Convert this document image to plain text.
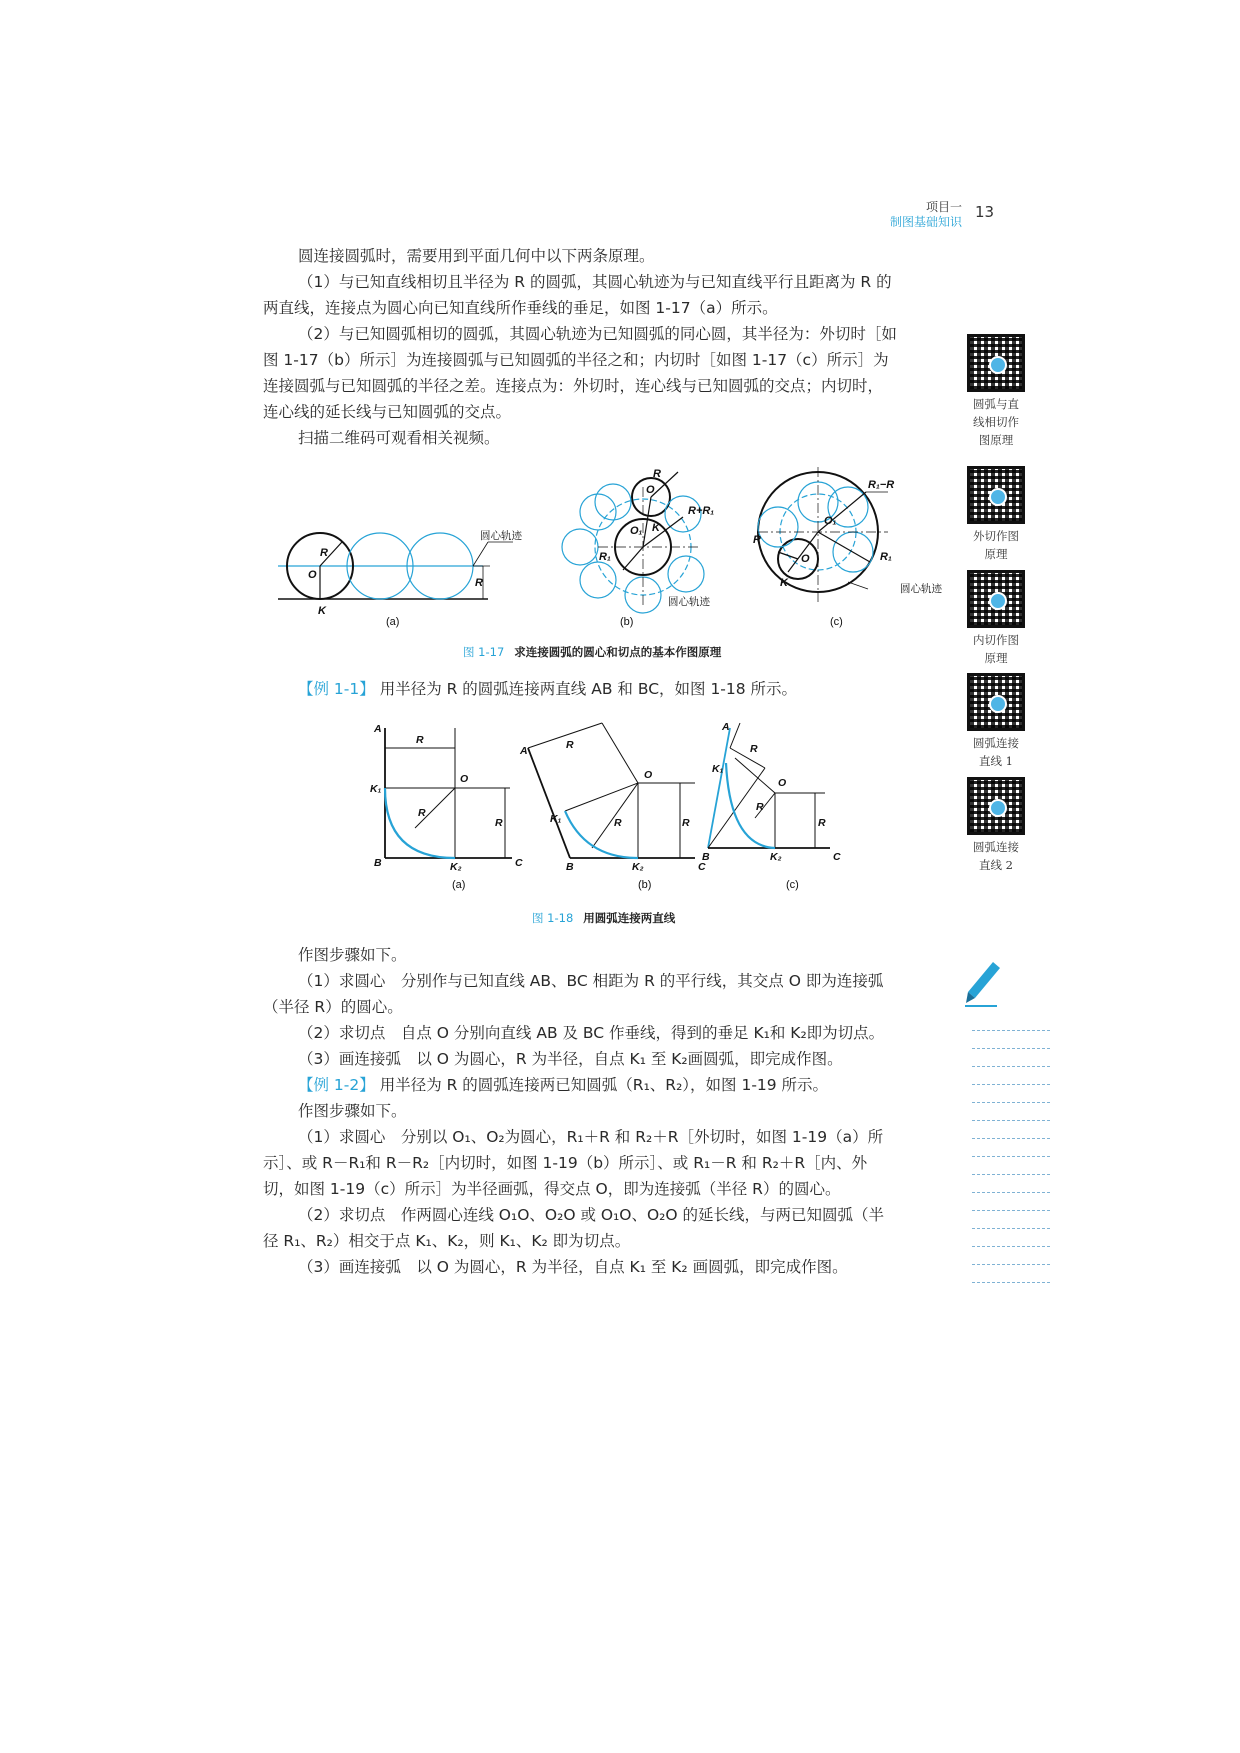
项目一
制图基础知识
13
圆连接圆弧时，需要用到平面几何中以下两条原理。
（1）与已知直线相切且半径为 R 的圆弧，其圆心轨迹为与已知直线平行且距离为 R 的
两直线，连接点为圆心向已知直线所作垂线的垂足，如图 1-17（a）所示。
（2）与已知圆弧相切的圆弧，其圆心轨迹为已知圆弧的同心圆，其半径为：外切时［如
图 1-17（b）所示］为连接圆弧与已知圆弧的半径之和；内切时［如图 1-17（c）所示］为
连接圆弧与已知圆弧的半径之差。连接点为：外切时，连心线与已知圆弧的交点；内切时，
连心线的延长线与已知圆弧的交点。
扫描二维码可观看相关视频。
R
O
K
R
R
O
O₁ K
R₁
R+R₁
O₁
R₁−R
R₁
R
O
K
圆心轨迹
圆心轨迹
圆心轨迹
(a)	(b)	(c)
图 1-17 求连接圆弧的圆心和切点的基本作图原理
【例 1-1】 用半径为 R 的圆弧连接两直线 AB 和 BC，如图 1-18 所示。
A
R
O
K₁
R
R
B	K₂	C
A	R
O
K₁	R	R
B	K₂	C
A
R
O
K₁
R
R
B	K₂	C
(a)	(b)	(c)
图 1-18 用圆弧连接两直线
作图步骤如下。
（1）求圆心　分别作与已知直线 AB、BC 相距为 R 的平行线，其交点 O 即为连接弧
（半径 R）的圆心。
（2）求切点　自点 O 分别向直线 AB 及 BC 作垂线，得到的垂足 K₁和 K₂即为切点。
（3）画连接弧　以 O 为圆心，R 为半径，自点 K₁ 至 K₂画圆弧，即完成作图。
【例 1-2】 用半径为 R 的圆弧连接两已知圆弧（R₁、R₂），如图 1-19 所示。
作图步骤如下。
（1）求圆心　分别以 O₁、O₂为圆心，R₁＋R 和 R₂＋R［外切时，如图 1-19（a）所
示］、或 R－R₁和 R－R₂［内切时，如图 1-19（b）所示］、或 R₁－R 和 R₂＋R［内、外
切，如图 1-19（c）所示］为半径画弧，得交点 O，即为连接弧（半径 R）的圆心。
（2）求切点　作两圆心连线 O₁O、O₂O 或 O₁O、O₂O 的延长线，与两已知圆弧（半
径 R₁、R₂）相交于点 K₁、K₂，则 K₁、K₂ 即为切点。
（3）画连接弧　以 O 为圆心，R 为半径，自点 K₁ 至 K₂ 画圆弧，即完成作图。
圆弧与直
线相切作
图原理
外切作图
原理
内切作图
原理
圆弧连接
直线 1
圆弧连接
直线 2
